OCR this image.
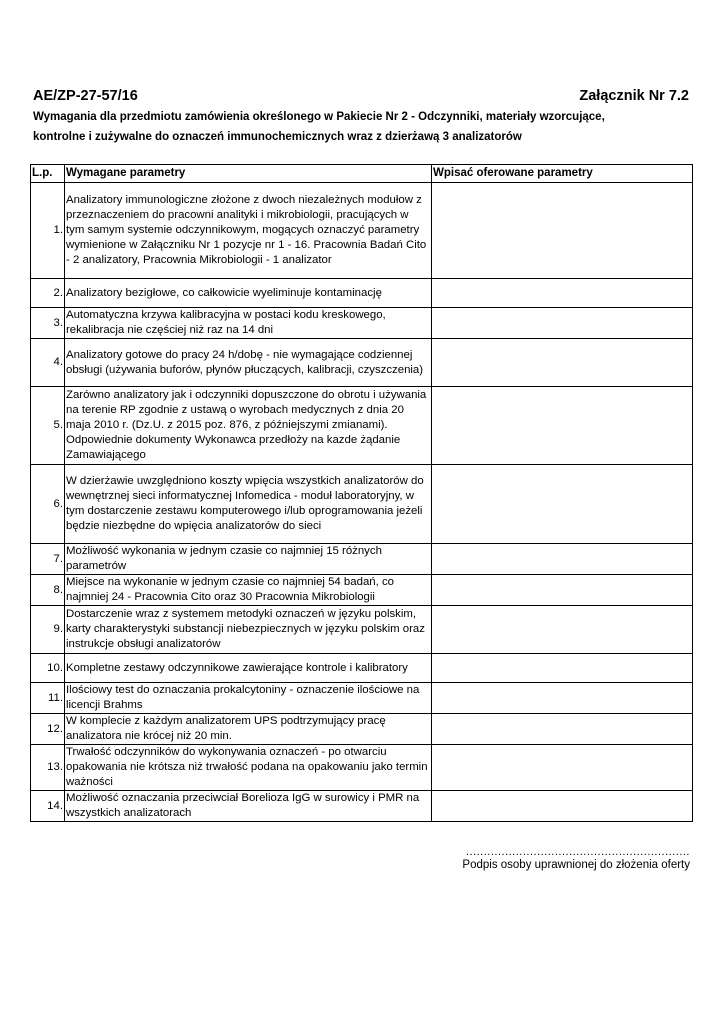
AE/ZP-27-57/16	Załącznik Nr 7.2
Wymagania dla przedmiotu zamówienia określonego w Pakiecie Nr 2 - Odczynniki, materiały wzorcujące,
kontrolne i zużywalne do oznaczeń immunochemicznych wraz z dzierżawą 3 analizatorów
L.p.	Wymagane parametry	Wpisać oferowane parametry
1.	Analizatory immunologiczne złożone z dwoch niezależnych modułow z przeznaczeniem do pracowni analityki i mikrobiologii, pracujących w tym samym systemie odczynnikowym, mogących oznaczyć parametry wymienione w Załączniku Nr 1 pozycje nr 1 - 16. Pracownia Badań Cito - 2 analizatory, Pracownia Mikrobiologii - 1 analizator	
2.	Analizatory bezigłowe, co całkowicie wyeliminuje kontaminację	
3.	Automatyczna krzywa kalibracyjna w postaci kodu kreskowego, rekalibracja nie częściej niż raz na 14 dni	
4.	Analizatory gotowe do pracy 24 h/dobę - nie wymagające codziennej obsługi (używania buforów, płynów płuczących, kalibracji, czyszczenia)	
5.	Zarówno analizatory jak i odczynniki dopuszczone do obrotu i używania na terenie RP zgodnie z ustawą o wyrobach medycznych z dnia 20 maja 2010 r. (Dz.U. z 2015 poz. 876, z późniejszymi zmianami). Odpowiednie dokumenty Wykonawca przedłoży na kazde żądanie Zamawiającego	
6.	W dzierżawie uwzględniono koszty wpięcia wszystkich analizatorów do wewnętrznej sieci informatycznej Infomedica - moduł laboratoryjny, w tym dostarczenie zestawu komputerowego i/lub oprogramowania jeżeli będzie niezbędne do wpięcia analizatorów do sieci	
7.	Możliwość wykonania w jednym czasie co najmniej 15 różnych parametrów	
8.	Miejsce na wykonanie w jednym czasie co najmniej 54 badań, co najmniej 24 - Pracownia Cito oraz 30 Pracownia Mikrobiologii	
9.	Dostarczenie wraz z systemem metodyki oznaczeń w języku polskim, karty charakterystyki substancji niebezpiecznych w języku polskim oraz instrukcje obsługi analizatorów	
10.	Kompletne zestawy odczynnikowe zawierające kontrole i kalibratory	
11.	Ilościowy test do oznaczania prokalcytoniny - oznaczenie ilościowe na licencji Brahms	
12.	W komplecie z każdym analizatorem UPS podtrzymujący pracę analizatora nie krócej niż 20 min.	
13.	Trwałość odczynników do wykonywania oznaczeń - po otwarciu opakowania nie krótsza niż trwałość podana na opakowaniu jako termin ważności	
14.	Możliwość oznaczania przeciwciał Borelioza IgG w surowicy i PMR na wszystkich analizatorach	
...............................................................
Podpis osoby uprawnionej do złożenia oferty
